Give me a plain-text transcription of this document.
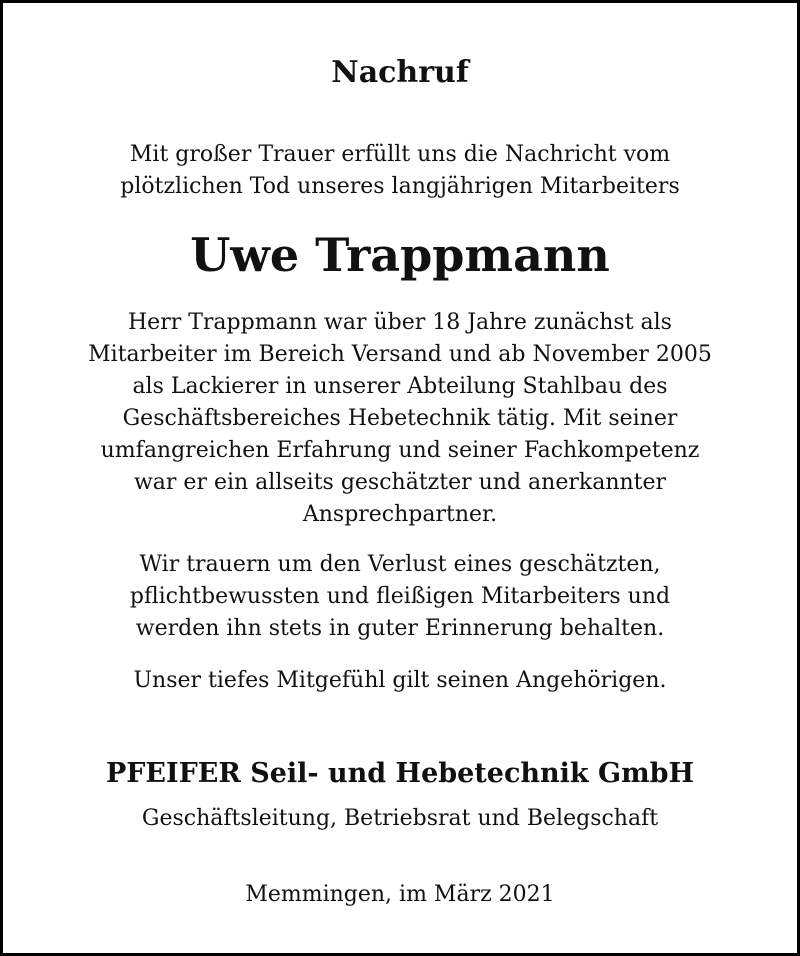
Nachruf
Mit großer Trauer erfüllt uns die Nachricht vom
plötzlichen Tod unseres langjährigen Mitarbeiters
Uwe Trappmann
Herr Trappmann war über 18 Jahre zunächst als
Mitarbeiter im Bereich Versand und ab November 2005
als Lackierer in unserer Abteilung Stahlbau des
Geschäftsbereiches Hebetechnik tätig. Mit seiner
umfangreichen Erfahrung und seiner Fachkompetenz
war er ein allseits geschätzter und anerkannter
Ansprechpartner.
Wir trauern um den Verlust eines geschätzten,
pflichtbewussten und fleißigen Mitarbeiters und
werden ihn stets in guter Erinnerung behalten.
Unser tiefes Mitgefühl gilt seinen Angehörigen.
PFEIFER Seil- und Hebetechnik GmbH
Geschäftsleitung, Betriebsrat und Belegschaft
Memmingen, im März 2021
